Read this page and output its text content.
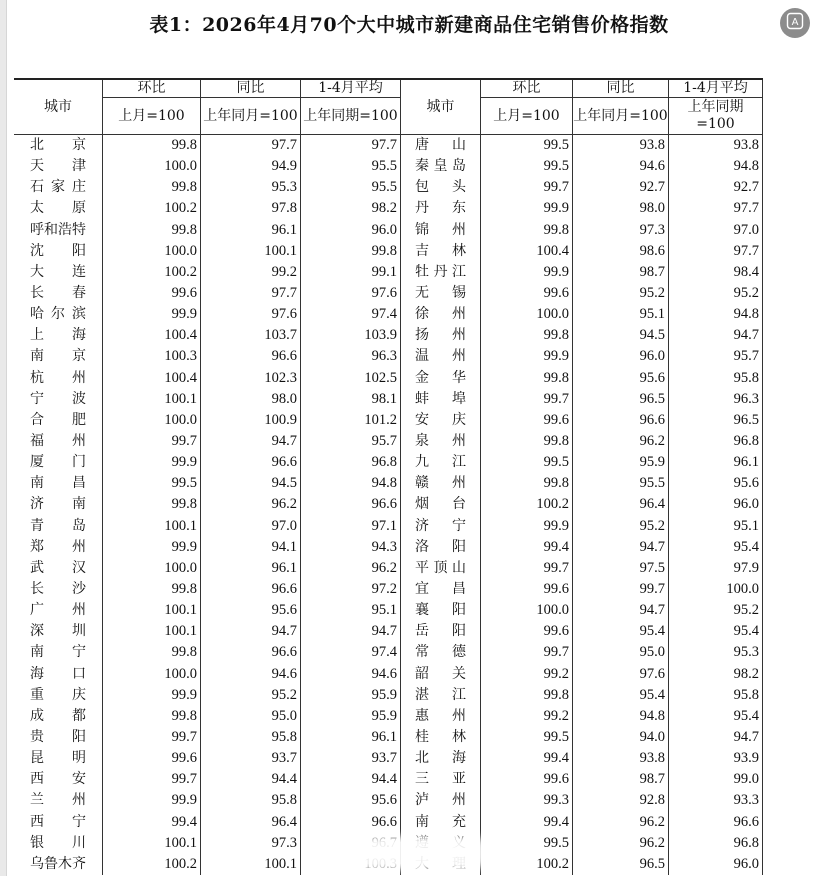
表1：2026年4月70个大中城市新建商品住宅销售价格指数	A
城市	环比	同比	1-4月平均	城市	环比	同比	1-4月平均
	上月=100	上年同月=100	上年同期=100		上月=100	上年同月=100	上年同期=100
北京	99.8	97.7	97.7	唐山	99.5	93.8	93.8
天津	100.0	94.9	95.5	秦皇岛	99.5	94.6	94.8
石家庄	99.8	95.3	95.5	包头	99.7	92.7	92.7
太原	100.2	97.8	98.2	丹东	99.9	98.0	97.7
呼和浩特	99.8	96.1	96.0	锦州	99.8	97.3	97.0
沈阳	100.0	100.1	99.8	吉林	100.4	98.6	97.7
大连	100.2	99.2	99.1	牡丹江	99.9	98.7	98.4
长春	99.6	97.7	97.6	无锡	99.6	95.2	95.2
哈尔滨	99.9	97.6	97.4	徐州	100.0	95.1	94.8
上海	100.4	103.7	103.9	扬州	99.8	94.5	94.7
南京	100.3	96.6	96.3	温州	99.9	96.0	95.7
杭州	100.4	102.3	102.5	金华	99.8	95.6	95.8
宁波	100.1	98.0	98.1	蚌埠	99.7	96.5	96.3
合肥	100.0	100.9	101.2	安庆	99.6	96.6	96.5
福州	99.7	94.7	95.7	泉州	99.8	96.2	96.8
厦门	99.9	96.6	96.8	九江	99.5	95.9	96.1
南昌	99.5	94.5	94.8	赣州	99.8	95.5	95.6
济南	99.8	96.2	96.6	烟台	100.2	96.4	96.0
青岛	100.1	97.0	97.1	济宁	99.9	95.2	95.1
郑州	99.9	94.1	94.3	洛阳	99.4	94.7	95.4
武汉	100.0	96.1	96.2	平顶山	99.7	97.5	97.9
长沙	99.8	96.6	97.2	宜昌	99.6	99.7	100.0
广州	100.1	95.6	95.1	襄阳	100.0	94.7	95.2
深圳	100.1	94.7	94.7	岳阳	99.6	95.4	95.4
南宁	99.8	96.6	97.4	常德	99.7	95.0	95.3
海口	100.0	94.6	94.6	韶关	99.2	97.6	98.2
重庆	99.9	95.2	95.9	湛江	99.8	95.4	95.8
成都	99.8	95.0	95.9	惠州	99.2	94.8	95.4
贵阳	99.7	95.8	96.1	桂林	99.5	94.0	94.7
昆明	99.6	93.7	93.7	北海	99.4	93.8	93.9
西安	99.7	94.4	94.4	三亚	99.6	98.7	99.0
兰州	99.9	95.8	95.6	泸州	99.3	92.8	93.3
西宁	99.4	96.4	96.6	南充	99.4	96.2	96.6
银川	100.1	97.3			99.5	96.2	96.8
乌鲁木齐	100.2	100.1			100.2	96.5	96.0
